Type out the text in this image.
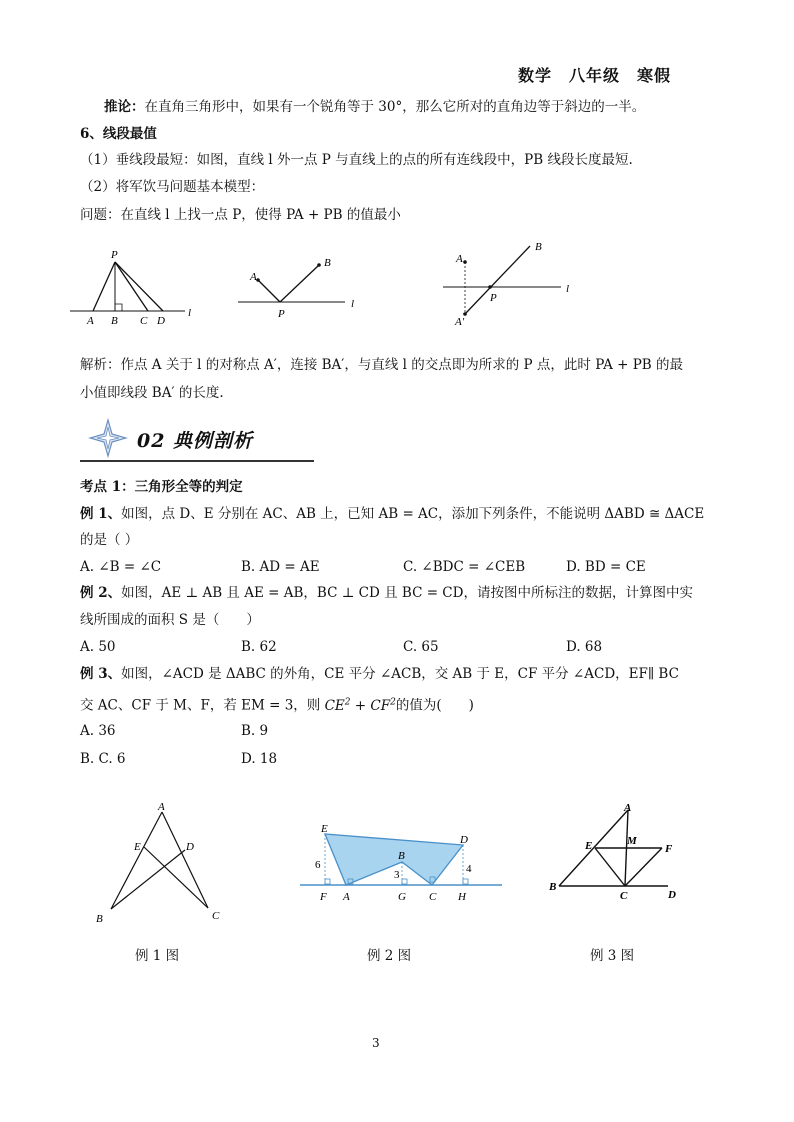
数学　八年级　寒假
推论：在直角三角形中，如果有一个锐角等于 30°，那么它所对的直角边等于斜边的一半。
6、线段最值
（1）垂线段最短：如图，直线 l 外一点 P 与直线上的点的所有连线段中，PB 线段长度最短.
（2）将军饮马问题基本模型：
问题：在直线 l 上找一点 P，使得 PA + PB 的值最小
P
A B C D
l
A
B
P
l
A
B
P
A′
l
解析：作点 A 关于 l 的对称点 A′，连接 BA′，与直线 l 的交点即为所求的 P 点，此时 PA + PB 的最
小值即线段 BA′ 的长度.
02 典例剖析
考点 1：三角形全等的判定
例 1、如图，点 D、E 分别在 AC、AB 上，已知 AB = AC，添加下列条件，不能说明 ΔABD ≅ ΔACE
的是（ ）
A. ∠B = ∠C	B. AD = AE	C. ∠BDC = ∠CEB	D. BD = CE
例 2、如图，AE ⊥ AB 且 AE = AB，BC ⊥ CD 且 BC = CD，请按图中所标注的数据，计算图中实
线所围成的面积 S 是（　　）
A. 50	B. 62	C. 65	D. 68
例 3、如图，∠ACD 是 ΔABC 的外角，CE 平分 ∠ACB，交 AB 于 E，CF 平分 ∠ACD，EF∥ BC
交 AC、CF 于 M、F，若 EM = 3，则 $CE^2 + CF^2$的值为(　　)
A. 36	B. 9
B. C. 6	D. 18
A
E	D
B	C
E
B
D
6
3	4
F A	G C H
A
E	M
F
B
C	D
例 1 图	例 2 图	例 3 图
3
